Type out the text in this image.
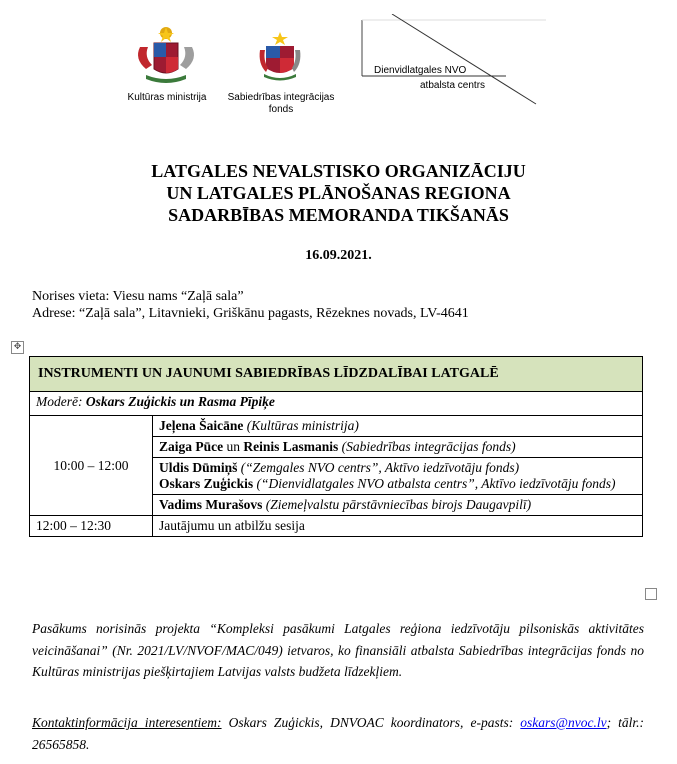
Kultūras ministrija	Sabiedrības integrācijas
fonds
Dienvidlatgales NVO
atbalsta centrs
LATGALES NEVALSTISKO ORGANIZĀCIJU
UN LATGALES PLĀNOŠANAS REGIONA
SADARBĪBAS MEMORANDA TIKŠANĀS
16.09.2021.
Norises vieta: Viesu nams “Zaļā sala”
Adrese: “Zaļā sala”, Litavnieki, Griškānu pagasts, Rēzeknes novads, LV-4641
✥
INSTRUMENTI UN JAUNUMI SABIEDRĪBAS LĪDZDALĪBAI LATGALĒ	
Moderē: Oskars Zuģickis un Rasma Pīpiķe	
10:00 – 12:00	Jeļena Šaicāne (Kultūras ministrija)
	Zaiga Pūce un Reinis Lasmanis (Sabiedrības integrācijas fonds)

	Uldis Dūmiņš (“Zemgales NVO centrs”, Aktīvo iedzīvotāju fonds)
Oskars Zuģickis (“Dienvidlatgales NVO atbalsta centrs”, Aktīvo iedzīvotāju fonds)

	Vadims Murašovs (Ziemeļvalstu pārstāvniecības birojs Daugavpilī)
12:00 – 12:30	Jautājumu un atbilžu sesija
Pasākums norisinās projekta “Kompleksi pasākumi Latgales reģiona iedzīvotāju pilsoniskās aktivitātes veicināšanai” (Nr. 2021/LV/NVOF/MAC/049) ietvaros, ko finansiāli atbalsta Sabiedrības integrācijas fonds no Kultūras ministrijas piešķirtajiem Latvijas valsts budžeta līdzekļiem.
Kontaktinformācija interesentiem: Oskars Zuģickis, DNVOAC koordinators, e-pasts: oskars@nvoc.lv; tālr.: 26565858.
